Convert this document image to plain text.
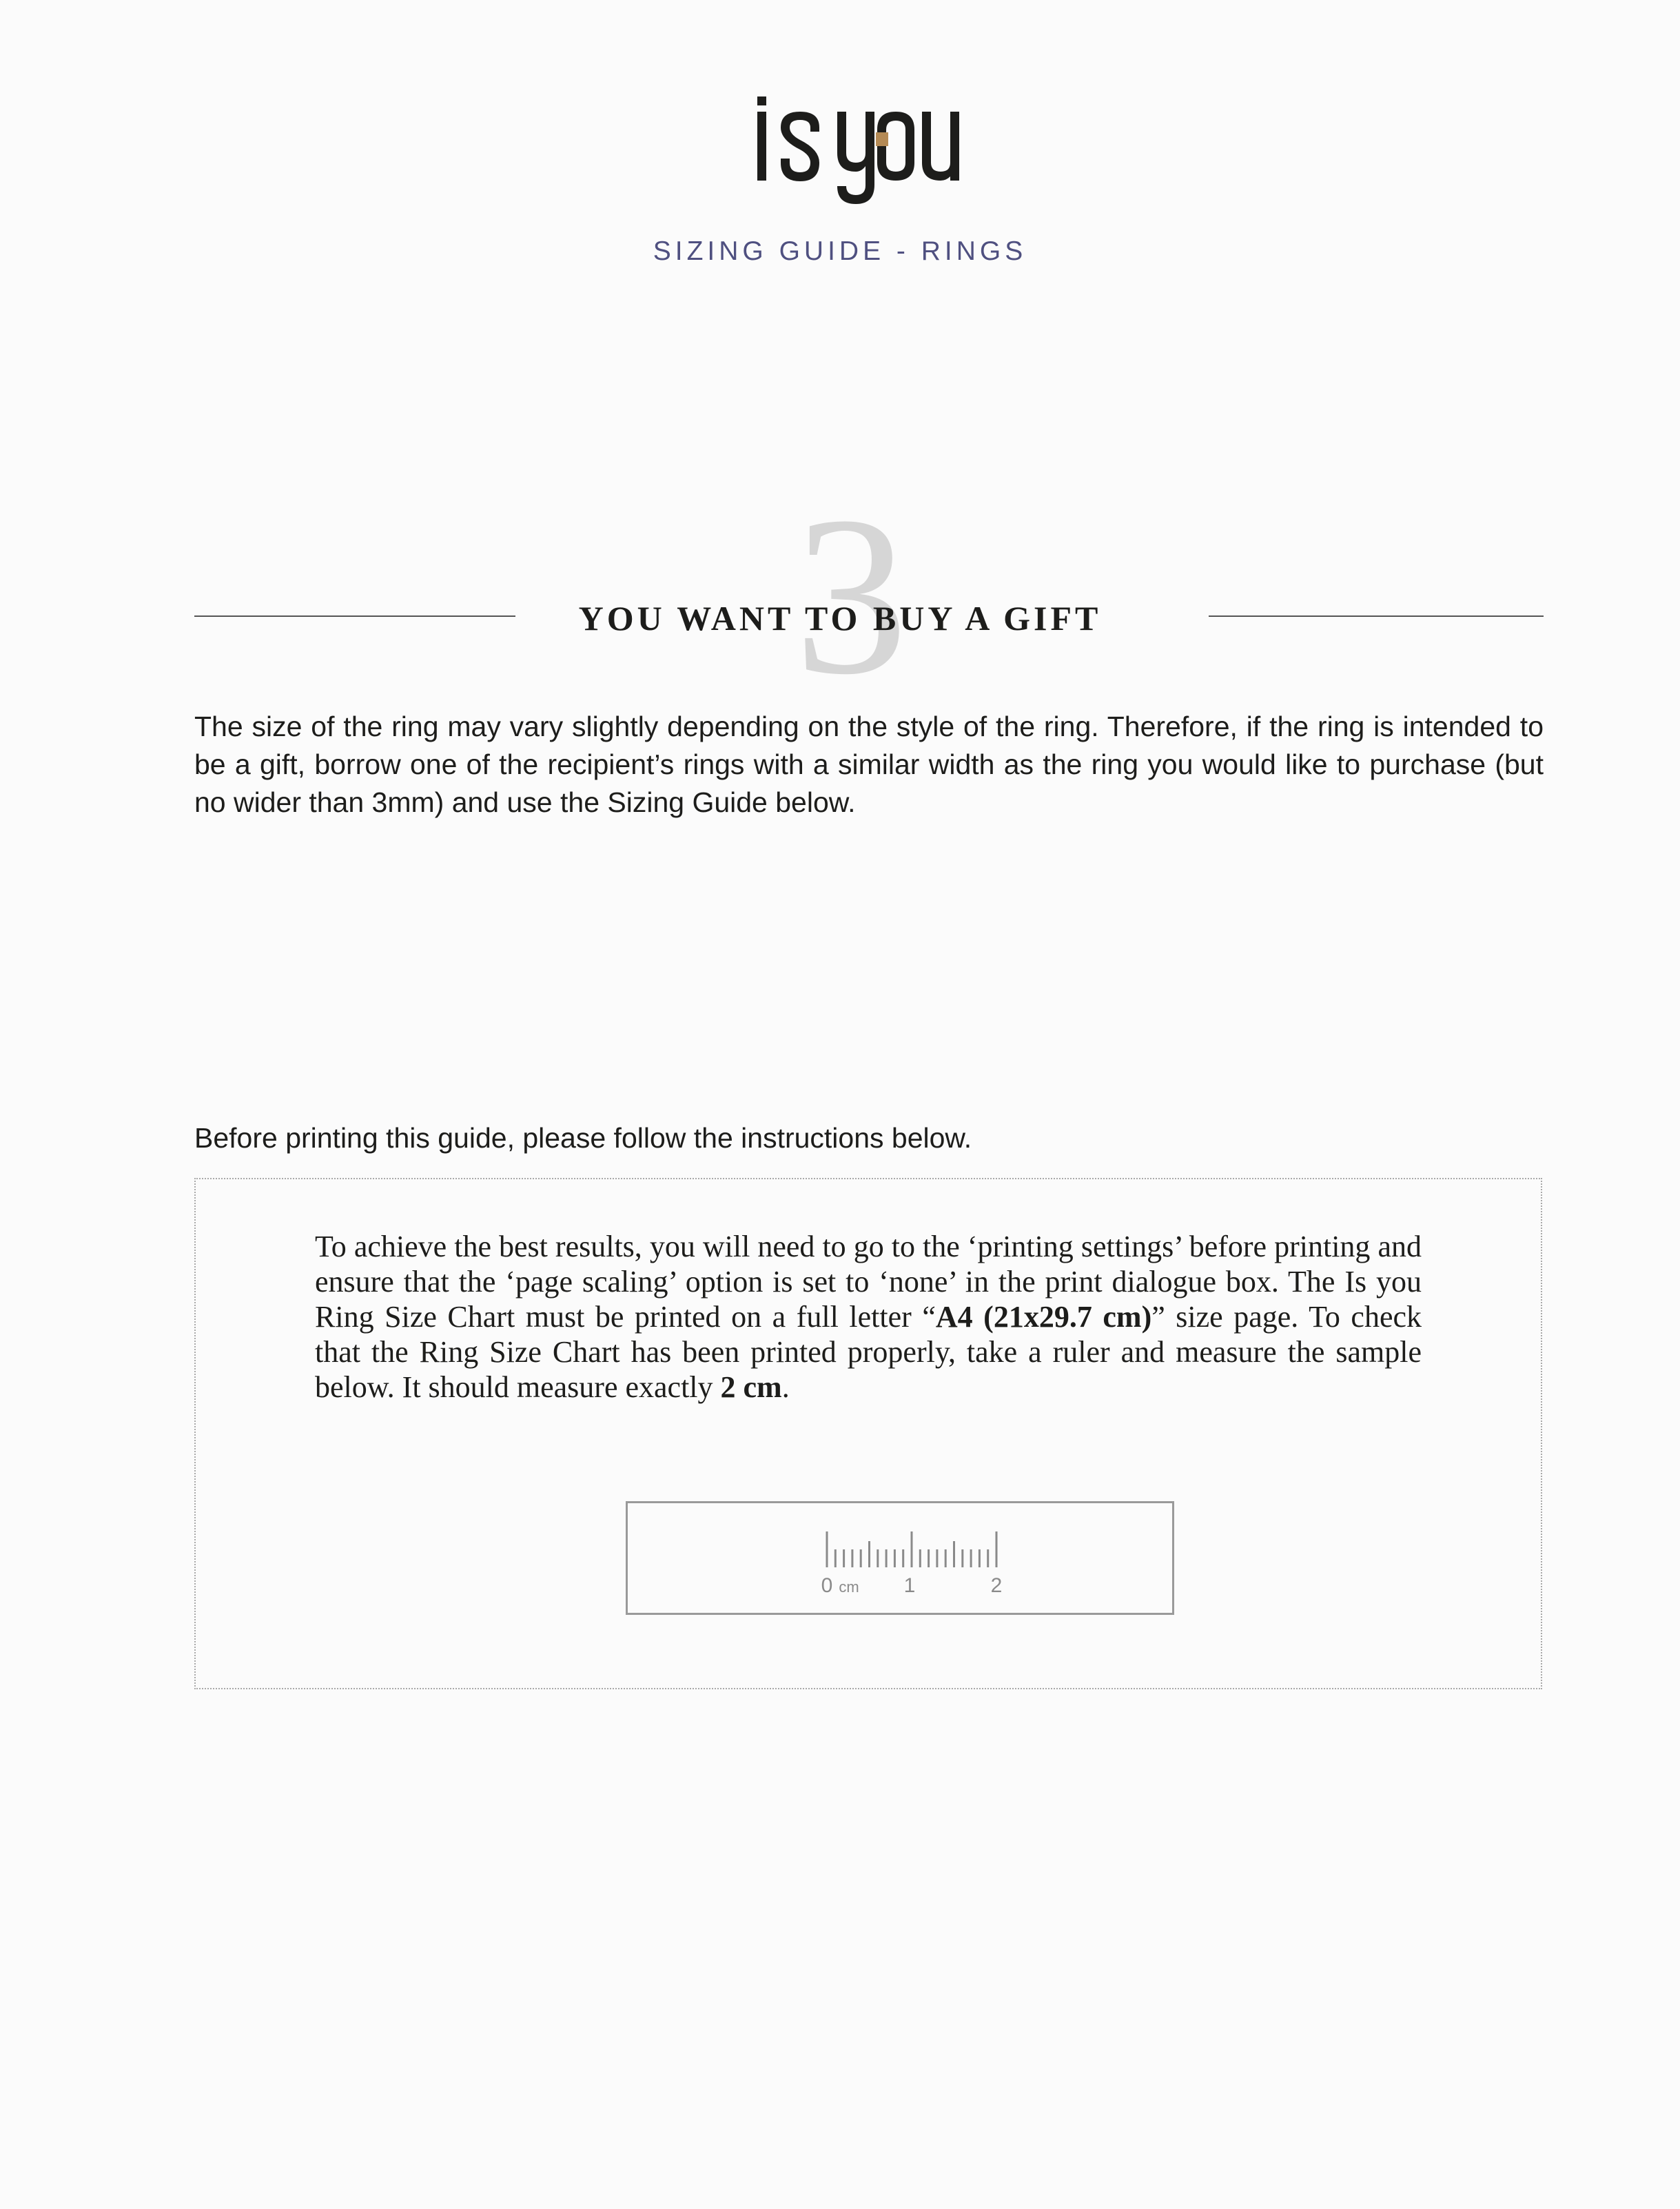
SIZING GUIDE - RINGS
3
YOU WANT TO BUY A GIFT
The size of the ring may vary slightly depending on the style of the ring. Therefore, if the ring is intended to be a gift, borrow one of the recipient’s rings with a similar width as the ring you would like to purchase (but no wider than 3mm) and use the Sizing Guide below.
Before printing this guide, please follow the instructions below.
To achieve the best results, you will need to go to the ‘printing settings’ before printing and ensure that the ‘page scaling’ option is set to ‘none’ in the print dialogue box. The Is you Ring Size Chart must be printed on a full letter “A4 (21x29.7 cm)” size page. To check that the Ring Size Chart has been printed properly, take a ruler and measure the sample below. It should measure exactly 2 cm.
0 cm 1	2
